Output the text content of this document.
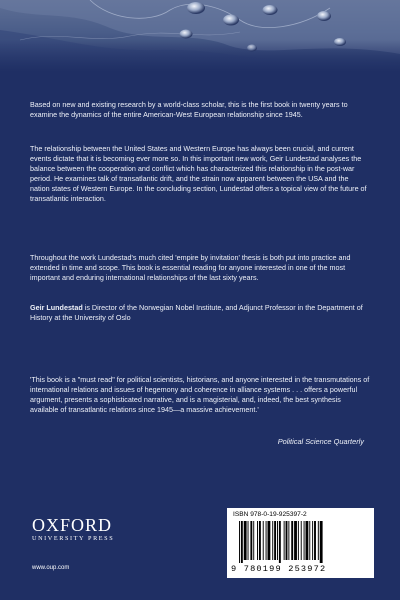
Based on new and existing research by a world-class scholar, this is the first book in twenty years to examine the dynamics of the entire American-West European relationship since 1945.

The relationship between the United States and Western Europe has always been crucial, and current events dictate that it is becoming ever more so. In this important new work, Geir Lundestad analyses the balance between the cooperation and conflict which has characterized this relationship in the post-war period. He examines talk of transatlantic drift, and the strain now apparent between the USA and the nation states of Western Europe. In the concluding section, Lundestad offers a topical view of the future of transatlantic interaction.

Throughout the work Lundestad's much cited 'empire by invitation' thesis is both put into practice and extended in time and scope. This book is essential reading for anyone interested in one of the most important and enduring international relationships of the last sixty years.

Geir Lundestad is Director of the Norwegian Nobel Institute, and Adjunct Professor in the Department of History at the University of Oslo
'This book is a "must read" for political scientists, historians, and anyone interested in the transmutations of international relations and issues of hegemony and coherence in alliance systems . . . offers a powerful argument, presents a sophisticated narrative, and is a magisterial, and, indeed, the best synthesis available of transatlantic relations since 1945—a massive achievement.'
Political Science Quarterly
OXFORD
UNIVERSITY PRESS
www.oup.com
ISBN 978-0-19-925397-2
9 780199 253972
